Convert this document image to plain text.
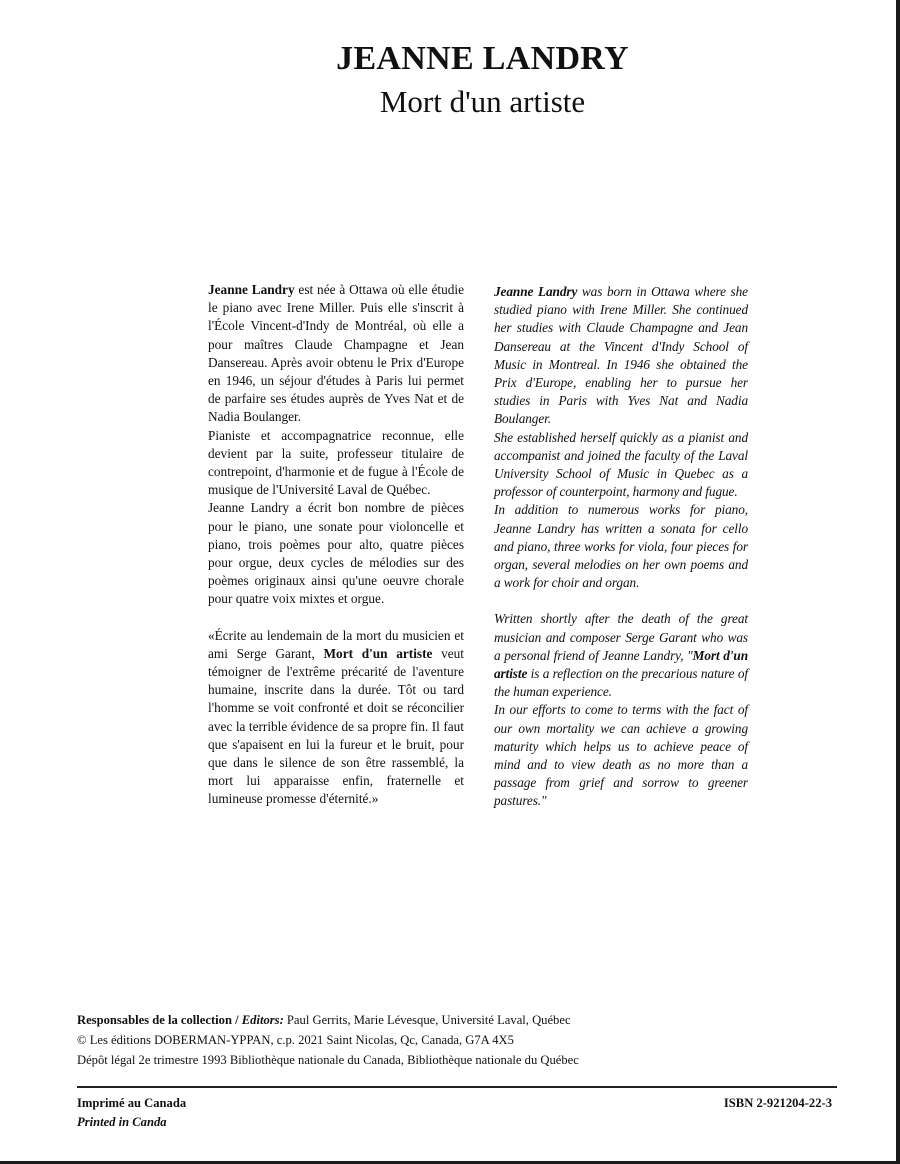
JEANNE LANDRY
Mort d'un artiste

Jeanne Landry est née à Ottawa où elle étudie le piano avec Irene Miller. Puis elle s'inscrit à l'École Vincent-d'Indy de Montréal, où elle a pour maîtres Claude Champagne et Jean Dansereau. Après avoir obtenu le Prix d'Europe en 1946, un séjour d'études à Paris lui permet de parfaire ses études auprès de Yves Nat et de Nadia Boulanger.

Pianiste et accompagnatrice reconnue, elle devient par la suite, professeur titulaire de contrepoint, d'harmonie et de fugue à l'École de musique de l'Université Laval de Québec.

Jeanne Landry a écrit bon nombre de pièces pour le piano, une sonate pour violoncelle et piano, trois poèmes pour alto, quatre pièces pour orgue, deux cycles de mélodies sur des poèmes originaux ainsi qu'une oeuvre chorale pour quatre voix mixtes et orgue.

«Écrite au lendemain de la mort du musicien et ami Serge Garant, Mort d'un artiste veut témoigner de l'extrême précarité de l'aventure humaine, inscrite dans la durée. Tôt ou tard l'homme se voit confronté et doit se réconcilier avec la terrible évidence de sa propre fin. Il faut que s'apaisent en lui la fureur et le bruit, pour que dans le silence de son être rassemblé, la mort lui apparaisse enfin, fraternelle et lumineuse promesse d'éternité.»

Jeanne Landry was born in Ottawa where she studied piano with Irene Miller. She continued her studies with Claude Champagne and Jean Dansereau at the Vincent d'Indy School of Music in Montreal. In 1946 she obtained the Prix d'Europe, enabling her to pursue her studies in Paris with Yves Nat and Nadia Boulanger.

She established herself quickly as a pianist and accompanist and joined the faculty of the Laval University School of Music in Quebec as a professor of counterpoint, harmony and fugue.

In addition to numerous works for piano, Jeanne Landry has written a sonata for cello and piano, three works for viola, four pieces for organ, several melodies on her own poems and a work for choir and organ.

Written shortly after the death of the great musician and composer Serge Garant who was a personal friend of Jeanne Landry, "Mort d'un artiste is a reflection on the precarious nature of the human experience.

In our efforts to come to terms with the fact of our own mortality we can achieve a growing maturity which helps us to achieve peace of mind and to view death as no more than a passage from grief and sorrow to greener pastures."

Responsables de la collection / Editors: Paul Gerrits, Marie Lévesque, Université Laval, Québec
© Les éditions DOBERMAN-YPPAN, c.p. 2021 Saint Nicolas, Qc, Canada, G7A 4X5
Dépôt légal 2e trimestre 1993 Bibliothèque nationale du Canada, Bibliothèque nationale du Québec
Imprimé au Canada
Printed in Canda
ISBN 2-921204-22-3
